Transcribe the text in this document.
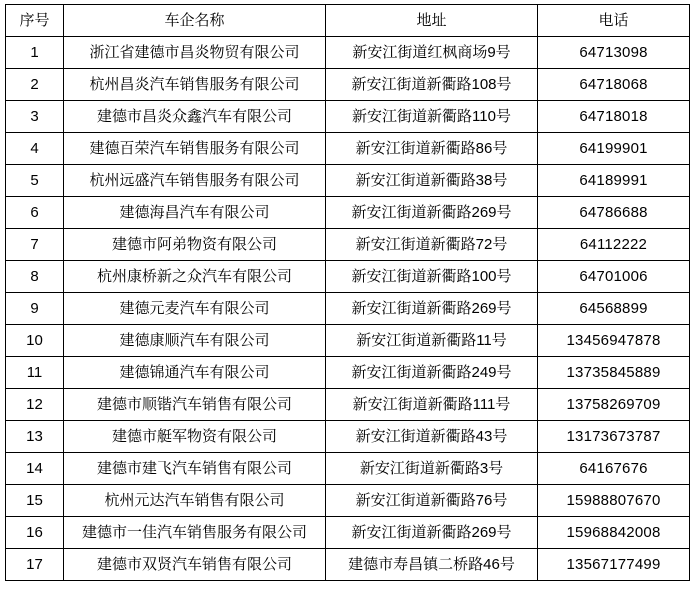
序号	车企名称	地址	电话
1	浙江省建德市昌炎物贸有限公司	新安江街道红枫商场9号	64713098
2	杭州昌炎汽车销售服务有限公司	新安江街道新衢路108号	64718068
3	建德市昌炎众鑫汽车有限公司	新安江街道新衢路110号	64718018
4	建德百荣汽车销售服务有限公司	新安江街道新衢路86号	64199901
5	杭州远盛汽车销售服务有限公司	新安江街道新衢路38号	64189991
6	建德海昌汽车有限公司	新安江街道新衢路269号	64786688
7	建德市阿弟物资有限公司	新安江街道新衢路72号	64112222
8	杭州康桥新之众汽车有限公司	新安江街道新衢路100号	64701006
9	建德元麦汽车有限公司	新安江街道新衢路269号	64568899
10	建德康顺汽车有限公司	新安江街道新衢路11号	13456947878
11	建德锦通汽车有限公司	新安江街道新衢路249号	13735845889
12	建德市顺锴汽车销售有限公司	新安江街道新衢路111号	13758269709
13	建德市艇军物资有限公司	新安江街道新衢路43号	13173673787
14	建德市建飞汽车销售有限公司	新安江街道新衢路3号	64167676
15	杭州元达汽车销售有限公司	新安江街道新衢路76号	15988807670
16	建德市一佳汽车销售服务有限公司	新安江街道新衢路269号	15968842008
17	建德市双贤汽车销售有限公司	建德市寿昌镇二桥路46号	13567177499
